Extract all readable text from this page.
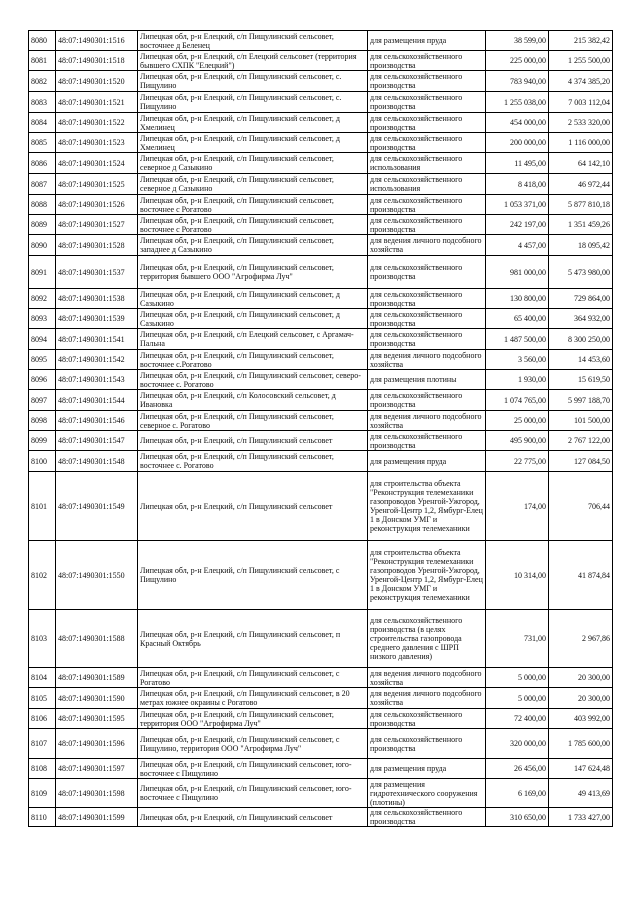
8080	48:07:1490301:1516	Липецкая обл, р-н Елецкий, с/п Пищулинский сельсовет, восточнее д Беленец	для размещения пруда	38 599,00	215 382,42
8081	48:07:1490301:1518	Липецкая обл, р-н Елецкий, с/п Елецкий сельсовет (территория бывшего СХПК "Елецкий")	для сельскохозяйственного производства	225 000,00	1 255 500,00
8082	48:07:1490301:1520	Липецкая обл, р-н Елецкий, с/п Пищулинский сельсовет, с. Пищулино	для сельскохозяйственного производства	783 940,00	4 374 385,20
8083	48:07:1490301:1521	Липецкая обл, р-н Елецкий, с/п Пищулинский сельсовет, с. Пищулино	для сельскохозяйственного производства	1 255 038,00	7 003 112,04
8084	48:07:1490301:1522	Липецкая обл, р-н Елецкий, с/п Пищулинский сельсовет, д Хмелинец	для сельскохозяйственного производства	454 000,00	2 533 320,00
8085	48:07:1490301:1523	Липецкая обл, р-н Елецкий, с/п Пищулинский сельсовет, д Хмелинец	для сельскохозяйственного производства	200 000,00	1 116 000,00
8086	48:07:1490301:1524	Липецкая обл, р-н Елецкий, с/п Пищулинский сельсовет, северное д Сазыкино	для сельскохозяйственного использования	11 495,00	64 142,10
8087	48:07:1490301:1525	Липецкая обл, р-н Елецкий, с/п Пищулинский сельсовет, северное д Сазыкино	для сельскохозяйственного использования	8 418,00	46 972,44
8088	48:07:1490301:1526	Липецкая обл, р-н Елецкий, с/п Пищулинский сельсовет, восточнее с Рогатово	для сельскохозяйственного производства	1 053 371,00	5 877 810,18
8089	48:07:1490301:1527	Липецкая обл, р-н Елецкий, с/п Пищулинский сельсовет, восточнее с Рогатово	для сельскохозяйственного производства	242 197,00	1 351 459,26
8090	48:07:1490301:1528	Липецкая обл, р-н Елецкий, с/п Пищулинский сельсовет, западнее д Сазыкино	для ведения личного подсобного хозяйства	4 457,00	18 095,42
8091	48:07:1490301:1537	Липецкая обл, р-н Елецкий, с/п Пищулинский сельсовет, территория бывшего ООО "Агрофирма Луч"	для сельскохозяйственного производства	981 000,00	5 473 980,00
8092	48:07:1490301:1538	Липецкая обл, р-н Елецкий, с/п Пищулинский сельсовет, д Сазыкино	для сельскохозяйственного производства	130 800,00	729 864,00
8093	48:07:1490301:1539	Липецкая обл, р-н Елецкий, с/п Пищулинский сельсовет, д Сазыкино	для сельскохозяйственного производства	65 400,00	364 932,00
8094	48:07:1490301:1541	Липецкая обл, р-н Елецкий, с/п Елецкий сельсовет, с Аргамач-Пальна	для сельскохозяйственного производства	1 487 500,00	8 300 250,00
8095	48:07:1490301:1542	Липецкая обл, р-н Елецкий, с/п Пищулинский сельсовет, восточнее с.Рогатово	для ведения личного подсобного хозяйства	3 560,00	14 453,60
8096	48:07:1490301:1543	Липецкая обл, р-н Елецкий, с/п Пищулинский сельсовет, северо-восточнее с. Рогатово	для размещения плотины	1 930,00	15 619,50
8097	48:07:1490301:1544	Липецкая обл, р-н Елецкий, с/п Колосовский сельсовет, д Ивановка	для сельскохозяйственного производства	1 074 765,00	5 997 188,70
8098	48:07:1490301:1546	Липецкая обл, р-н Елецкий, с/п Пищулинский сельсовет, северное с. Рогатово	для ведения личного подсобного хозяйства	25 000,00	101 500,00
8099	48:07:1490301:1547	Липецкая обл, р-н Елецкий, с/п Пищулинский сельсовет	для сельскохозяйственного производства	495 900,00	2 767 122,00
8100	48:07:1490301:1548	Липецкая обл, р-н Елецкий, с/п Пищулинский сельсовет, восточнее с. Рогатово	для размещения пруда	22 775,00	127 084,50
8101	48:07:1490301:1549	Липецкая обл, р-н Елецкий, с/п Пищулинский сельсовет	для строительства объекта "Реконструкция телемеханики газопроводов Уренгой-Ужгород, Уренгой-Центр 1,2, Ямбург-Елец 1 в Донском УМГ и реконструкция телемеханики	174,00	706,44
8102	48:07:1490301:1550	Липецкая обл, р-н Елецкий, с/п Пищулинский сельсовет, с Пищулино	для строительства объекта "Реконструкция телемеханики газопроводов Уренгой-Ужгород, Уренгой-Центр 1,2, Ямбург-Елец 1 в Донском УМГ и реконструкция телемеханики	10 314,00	41 874,84
8103	48:07:1490301:1588	Липецкая обл, р-н Елецкий, с/п Пищулинский сельсовет, п Красный Октябрь	для сельскохозяйственного производства (в целях строительства газопровода среднего давления с ШРП низкого давления)	731,00	2 967,86
8104	48:07:1490301:1589	Липецкая обл, р-н Елецкий, с/п Пищулинский сельсовет, с Рогатово	для ведения личного подсобного хозяйства	5 000,00	20 300,00
8105	48:07:1490301:1590	Липецкая обл, р-н Елецкий, с/п Пищулинский сельсовет, в 20 метрах южнее окраины с Рогатово	для ведения личного подсобного хозяйства	5 000,00	20 300,00
8106	48:07:1490301:1595	Липецкая обл, р-н Елецкий, с/п Пищулинский сельсовет, территория ООО "Агрофирма Луч"	для сельскохозяйственного производства	72 400,00	403 992,00
8107	48:07:1490301:1596	Липецкая обл, р-н Елецкий, с/п Пищулинский сельсовет, с Пищулино, территория ООО "Агрофирма Луч"	для сельскохозяйственного производства	320 000,00	1 785 600,00
8108	48:07:1490301:1597	Липецкая обл, р-н Елецкий, с/п Пищулинский сельсовет, юго-восточнее с Пищулино	для размещения пруда	26 456,00	147 624,48
8109	48:07:1490301:1598	Липецкая обл, р-н Елецкий, с/п Пищулинский сельсовет, юго-восточнее с Пищулино	для размещения гидротехнического сооружения (плотины)	6 169,00	49 413,69
8110	48:07:1490301:1599	Липецкая обл, р-н Елецкий, с/п Пищулинский сельсовет	для сельскохозяйственного производства	310 650,00	1 733 427,00
